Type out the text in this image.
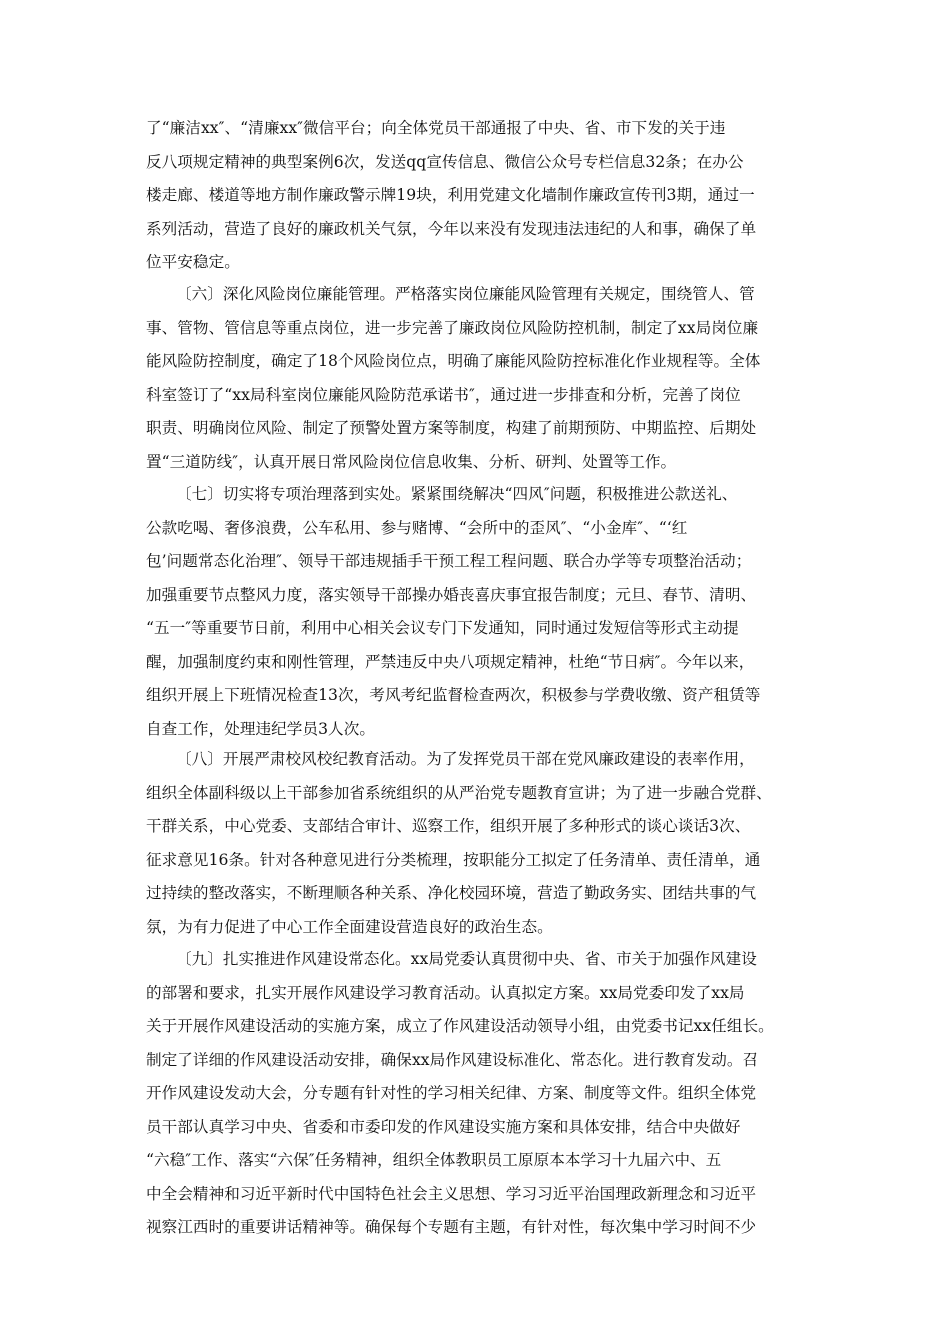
了“廉洁xx″、“清廉xx″微信平台；向全体党员干部通报了中央、省、市下发的关于违
反八项规定精神的典型案例6次，发送qq宣传信息、微信公众号专栏信息32条；在办公
楼走廊、楼道等地方制作廉政警示牌19块，利用党建文化墙制作廉政宣传刊3期，通过一
系列活动，营造了良好的廉政机关气氛，今年以来没有发现违法违纪的人和事，确保了单
位平安稳定。
〔六〕深化风险岗位廉能管理。严格落实岗位廉能风险管理有关规定，围绕管人、管
事、管物、管信息等重点岗位，进一步完善了廉政岗位风险防控机制，制定了xx局岗位廉
能风险防控制度，确定了18个风险岗位点，明确了廉能风险防控标准化作业规程等。全体
科室签订了“xx局科室岗位廉能风险防范承诺书″，通过进一步排查和分析，完善了岗位
职责、明确岗位风险、制定了预警处置方案等制度，构建了前期预防、中期监控、后期处
置“三道防线″，认真开展日常风险岗位信息收集、分析、研判、处置等工作。
〔七〕切实将专项治理落到实处。紧紧围绕解决“四风″问题，积极推进公款送礼、
公款吃喝、奢侈浪费，公车私用、参与赌博、“会所中的歪风″、“小金库″、“‘红
包’问题常态化治理″、领导干部违规插手干预工程工程问题、联合办学等专项整治活动；
加强重要节点整风力度，落实领导干部操办婚丧喜庆事宜报告制度；元旦、春节、清明、
“五一″等重要节日前，利用中心相关会议专门下发通知，同时通过发短信等形式主动提
醒，加强制度约束和刚性管理，严禁违反中央八项规定精神，杜绝“节日病″。今年以来，
组织开展上下班情况检查13次，考风考纪监督检查两次，积极参与学费收缴、资产租赁等
自查工作，处理违纪学员3人次。
〔八〕开展严肃校风校纪教育活动。为了发挥党员干部在党风廉政建设的表率作用，
组织全体副科级以上干部参加省系统组织的从严治党专题教育宣讲；为了进一步融合党群、
干群关系，中心党委、支部结合审计、巡察工作，组织开展了多种形式的谈心谈话3次、
征求意见16条。针对各种意见进行分类梳理，按职能分工拟定了任务清单、责任清单，通
过持续的整改落实，不断理顺各种关系、净化校园环境，营造了勤政务实、团结共事的气
氛，为有力促进了中心工作全面建设营造良好的政治生态。
〔九〕扎实推进作风建设常态化。xx局党委认真贯彻中央、省、市关于加强作风建设
的部署和要求，扎实开展作风建设学习教育活动。认真拟定方案。xx局党委印发了xx局
关于开展作风建设活动的实施方案，成立了作风建设活动领导小组，由党委书记xx任组长。
制定了详细的作风建设活动安排，确保xx局作风建设标准化、常态化。进行教育发动。召
开作风建设发动大会，分专题有针对性的学习相关纪律、方案、制度等文件。组织全体党
员干部认真学习中央、省委和市委印发的作风建设实施方案和具体安排，结合中央做好
“六稳″工作、落实“六保″任务精神，组织全体教职员工原原本本学习十九届六中、五
中全会精神和习近平新时代中国特色社会主义思想、学习习近平治国理政新理念和习近平
视察江西时的重要讲话精神等。确保每个专题有主题，有针对性，每次集中学习时间不少
